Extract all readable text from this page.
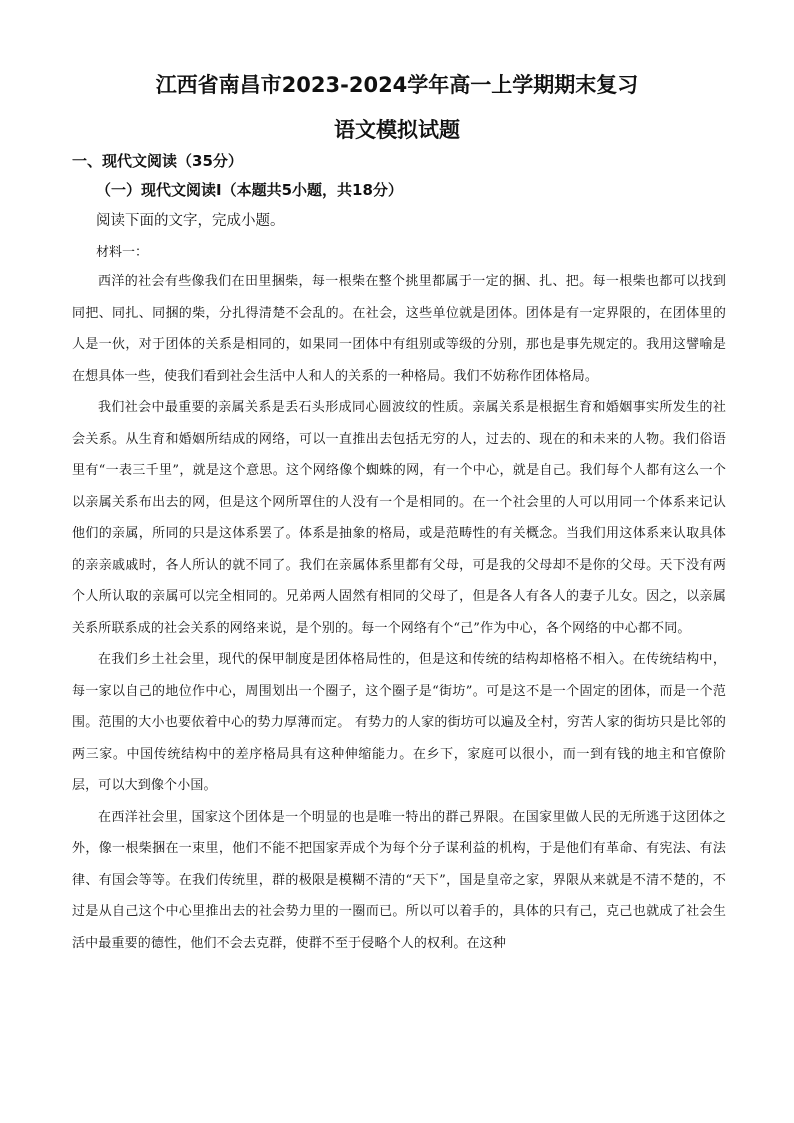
江西省南昌市2023-2024学年高一上学期期末复习
语文模拟试题
一、现代文阅读（35分）
（一）现代文阅读Ⅰ（本题共5小题，共18分）
阅读下面的文字，完成小题。
材料一：

西洋的社会有些像我们在田里捆柴，每一根柴在整个挑里都属于一定的捆、扎、把。每一根柴也都可以找到同把、同扎、同捆的柴，分扎得清楚不会乱的。在社会，这些单位就是团体。团体是有一定界限的，在团体里的人是一伙，对于团体的关系是相同的，如果同一团体中有组别或等级的分别，那也是事先规定的。我用这譬喻是在想具体一些，使我们看到社会生活中人和人的关系的一种格局。我们不妨称作团体格局。

我们社会中最重要的亲属关系是丢石头形成同心圆波纹的性质。亲属关系是根据生育和婚姻事实所发生的社会关系。从生育和婚姻所结成的网络，可以一直推出去包括无穷的人，过去的、现在的和未来的人物。我们俗语里有“一表三千里”，就是这个意思。这个网络像个蜘蛛的网，有一个中心，就是自己。我们每个人都有这么一个以亲属关系布出去的网，但是这个网所罩住的人没有一个是相同的。在一个社会里的人可以用同一个体系来记认他们的亲属，所同的只是这体系罢了。体系是抽象的格局，或是范畴性的有关概念。当我们用这体系来认取具体的亲亲戚戚时，各人所认的就不同了。我们在亲属体系里都有父母，可是我的父母却不是你的父母。天下没有两个人所认取的亲属可以完全相同的。兄弟两人固然有相同的父母了，但是各人有各人的妻子儿女。因之，以亲属关系所联系成的社会关系的网络来说，是个别的。每一个网络有个“己”作为中心，各个网络的中心都不同。

在我们乡土社会里，现代的保甲制度是团体格局性的，但是这和传统的结构却格格不相入。在传统结构中，每一家以自己的地位作中心，周围划出一个圈子，这个圈子是“街坊”。可是这不是一个固定的团体，而是一个范围。范围的大小也要依着中心的势力厚薄而定。 有势力的人家的街坊可以遍及全村，穷苦人家的街坊只是比邻的两三家。中国传统结构中的差序格局具有这种伸缩能力。在乡下，家庭可以很小，而一到有钱的地主和官僚阶层，可以大到像个小国。

在西洋社会里，国家这个团体是一个明显的也是唯一特出的群己界限。在国家里做人民的无所逃于这团体之外，像一根柴捆在一束里，他们不能不把国家弄成个为每个分子谋利益的机构，于是他们有革命、有宪法、有法律、有国会等等。在我们传统里，群的极限是模糊不清的“天下”，国是皇帝之家，界限从来就是不清不楚的，不过是从自己这个中心里推出去的社会势力里的一圈而已。所以可以着手的，具体的只有己，克己也就成了社会生活中最重要的德性，他们不会去克群，使群不至于侵略个人的权利。在这种
